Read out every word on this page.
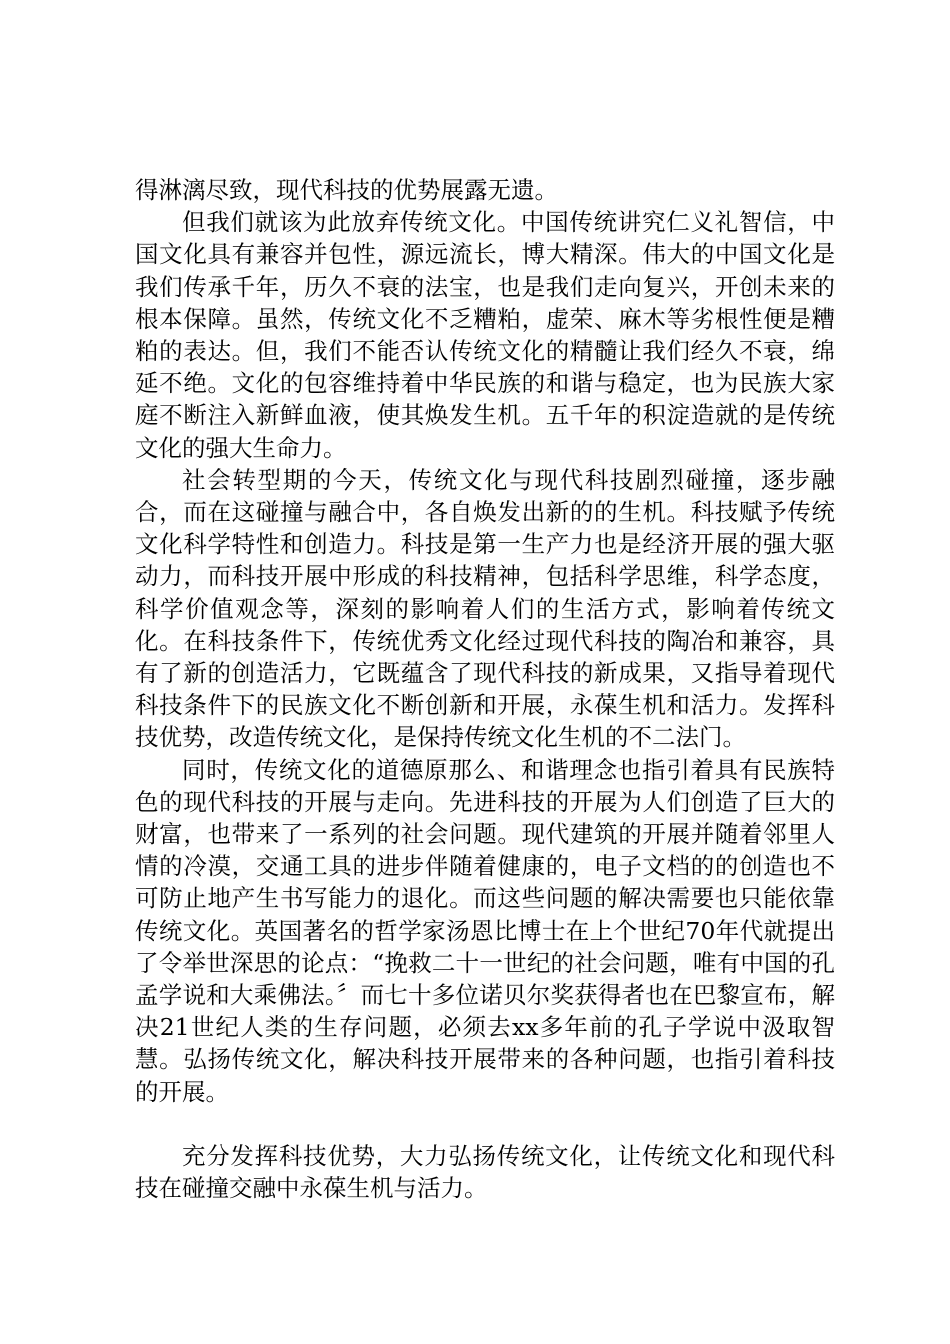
得淋漓尽致，现代科技的优势展露无遗。

但我们就该为此放弃传统文化。中国传统讲究仁义礼智信，中国文化具有兼容并包性，源远流长，博大精深。伟大的中国文化是我们传承千年，历久不衰的法宝，也是我们走向复兴，开创未来的根本保障。虽然，传统文化不乏糟粕，虚荣、麻木等劣根性便是糟粕的表达。但，我们不能否认传统文化的精髓让我们经久不衰，绵延不绝。文化的包容维持着中华民族的和谐与稳定，也为民族大家庭不断注入新鲜血液，使其焕发生机。五千年的积淀造就的是传统文化的强大生命力。

社会转型期的今天，传统文化与现代科技剧烈碰撞，逐步融合，而在这碰撞与融合中，各自焕发出新的的生机。科技赋予传统文化科学特性和创造力。科技是第一生产力也是经济开展的强大驱动力，而科技开展中形成的科技精神，包括科学思维，科学态度，科学价值观念等，深刻的影响着人们的生活方式，影响着传统文化。在科技条件下，传统优秀文化经过现代科技的陶冶和兼容，具有了新的创造活力，它既蕴含了现代科技的新成果，又指导着现代科技条件下的民族文化不断创新和开展，永葆生机和活力。发挥科技优势，改造传统文化，是保持传统文化生机的不二法门。

同时，传统文化的道德原那么、和谐理念也指引着具有民族特色的现代科技的开展与走向。先进科技的开展为人们创造了巨大的财富，也带来了一系列的社会问题。现代建筑的开展并随着邻里人情的冷漠，交通工具的进步伴随着健康的，电子文档的的创造也不可防止地产生书写能力的退化。而这些问题的解决需要也只能依靠传统文化。英国著名的哲学家汤恩比博士在上个世纪70年代就提出了令举世深思的论点：“挽救二十一世纪的社会问题，唯有中国的孔孟学说和大乘佛法。〞而七十多位诺贝尔奖获得者也在巴黎宣布，解决21世纪人类的生存问题，必须去xx多年前的孔子学说中汲取智慧。弘扬传统文化，解决科技开展带来的各种问题，也指引着科技的开展。

充分发挥科技优势，大力弘扬传统文化，让传统文化和现代科技在碰撞交融中永葆生机与活力。
